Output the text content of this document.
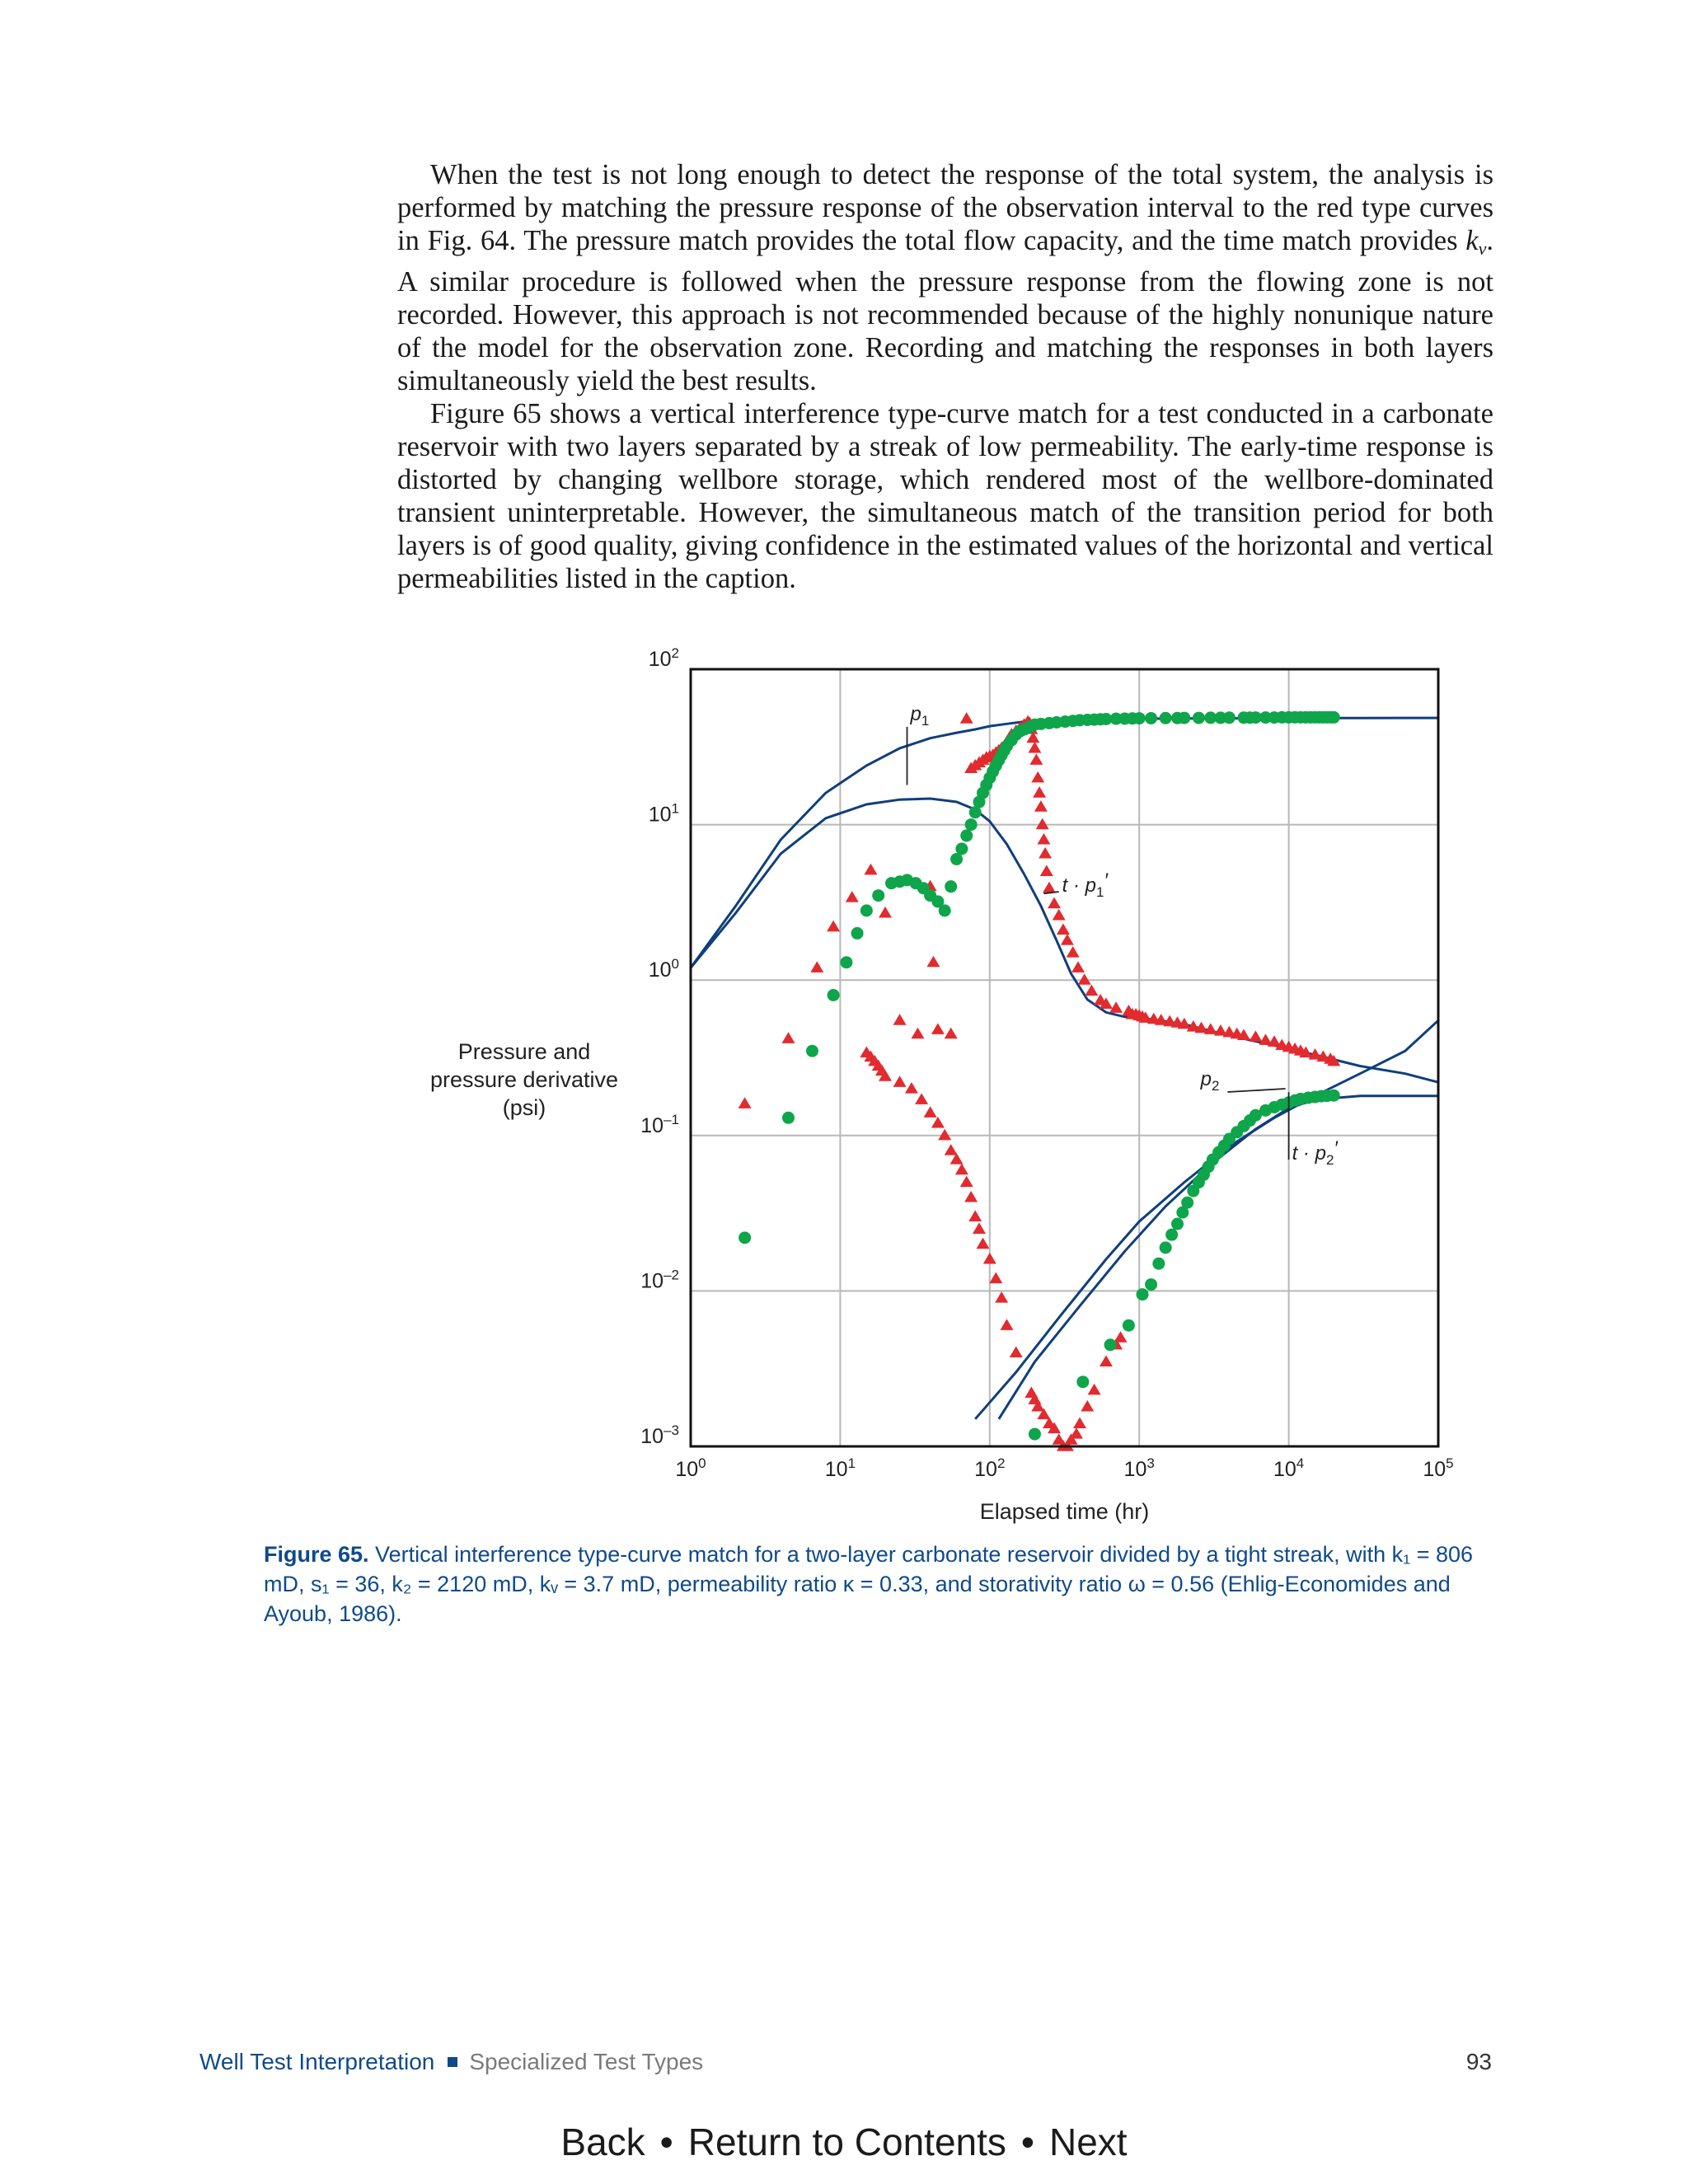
When the test is not long enough to detect the response of the total system, the analysis is performed by matching the pressure response of the observation interval to the red type curves in Fig. 64. The pressure match provides the total flow capacity, and the time match provides $k_v$. A similar procedure is followed when the pressure response from the flowing zone is not recorded. However, this approach is not recommended because of the highly nonunique nature of the model for the observation zone. Recording and matching the responses in both layers simultaneously yield the best results.

Figure 65 shows a vertical interference type-curve match for a test conducted in a carbonate reservoir with two layers separated by a streak of low permeability. The early-time response is distorted by changing wellbore storage, which rendered most of the wellbore-dominated transient uninterpretable. However, the simultaneous match of the transition period for both layers is of good quality, giving confidence in the estimated values of the horizontal and vertical permeabilities listed in the caption.

$10^0$	$10^1$	$10^2$	$10^3$	$10^4$	$10^5$
$10^{-3}$
$10^{-2}$
$10^{-1}$
$10^0$
$10^1$
$10^2$
Elapsed time (hr)
Pressure and
pressure derivative
(psi)
$p_1$
$t \cdot p_1'$
$p_2$
$t \cdot p_2'$
Figure 65. Vertical interference type-curve match for a two-layer carbonate reservoir divided by a tight streak, with k₁ = 806 mD, s₁ = 36, k₂ = 2120 mD, kᵥ = 3.7 mD, permeability ratio κ = 0.33, and storativity ratio ω = 0.56 (Ehlig-Economides and Ayoub, 1986).
Well Test Interpretation Specialized Test Types	93
Back • Return to Contents • Next
